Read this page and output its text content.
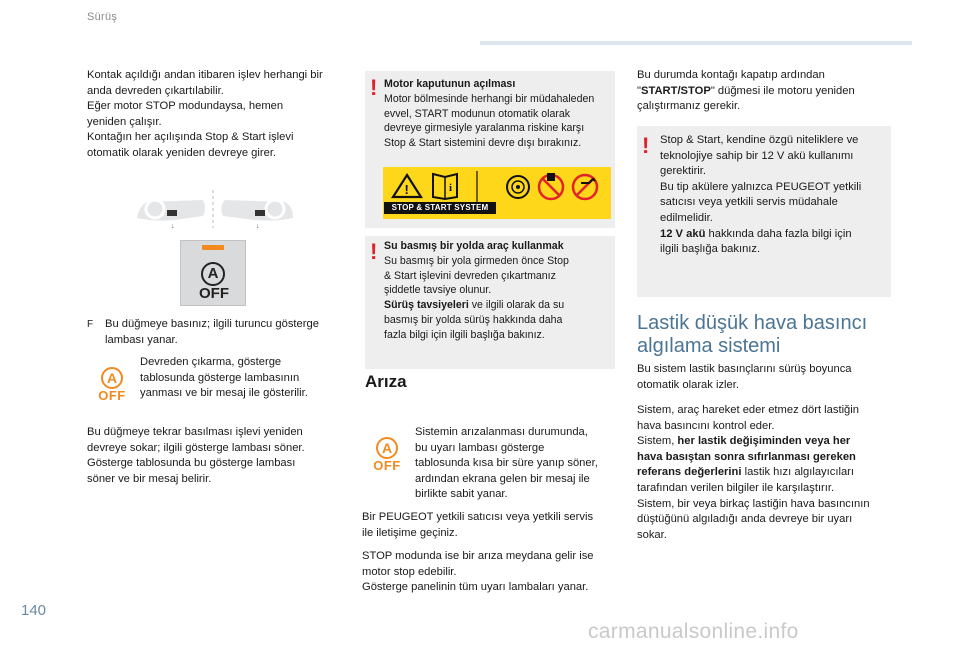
Sürüş
Kontak açıldığı andan itibaren işlev herhangi bir
anda devreden çıkartılabilir.
Eğer motor STOP modundaysa, hemen
yeniden çalışır.
Kontağın her açılışında Stop & Start işlevi
otomatik olarak yeniden devreye girer.
↓	↓
A
OFF
F Bu düğmeye basınız; ilgili turuncu gösterge
lambası yanar.
A
OFF
Devreden çıkarma, gösterge
tablosunda gösterge lambasının
yanması ve bir mesaj ile gösterilir.
Bu düğmeye tekrar basılması işlevi yeniden
devreye sokar; ilgili gösterge lambası söner.
Gösterge tablosunda bu gösterge lambası
söner ve bir mesaj belirir.
! Motor kaputunun açılması
Motor bölmesinde herhangi bir müdahaleden
evvel, START modunun otomatik olarak
devreye girmesiyle yaralanma riskine karşı
Stop & Start sistemini devre dışı bırakınız.
!	i
STOP & START SYSTEM
! Su basmış bir yolda araç kullanmak
Su basmış bir yola girmeden önce Stop
& Start işlevini devreden çıkartmanız
şiddetle tavsiye olunur.
Sürüş tavsiyeleri ve ilgili olarak da su
basmış bir yolda sürüş hakkında daha
fazla bilgi için ilgili başlığa bakınız.
Arıza
A
OFF
Sistemin arızalanması durumunda,
bu uyarı lambası gösterge
tablosunda kısa bir süre yanıp söner,
ardından ekrana gelen bir mesaj ile
birlikte sabit yanar.
Bir PEUGEOT yetkili satıcısı veya yetkili servis
ile iletişime geçiniz.
STOP modunda ise bir arıza meydana gelir ise
motor stop edebilir.
Gösterge panelinin tüm uyarı lambaları yanar.
Bu durumda kontağı kapatıp ardından
"START/STOP" düğmesi ile motoru yeniden
çalıştırmanız gerekir.
! Stop & Start, kendine özgü niteliklere ve
teknolojiye sahip bir 12 V akü kullanımı
gerektirir.
Bu tip akülere yalnızca PEUGEOT yetkili
satıcısı veya yetkili servis müdahale
edilmelidir.
12 V akü hakkında daha fazla bilgi için
ilgili başlığa bakınız.
Lastik düşük hava basıncı
algılama sistemi
Bu sistem lastik basınçlarını sürüş boyunca
otomatik olarak izler.
Sistem, araç hareket eder etmez dört lastiğin
hava basıncını kontrol eder.
Sistem, her lastik değişiminden veya her
hava basıştan sonra sıfırlanması gereken
referans değerlerini lastik hızı algılayıcıları
tarafından verilen bilgiler ile karşılaştırır.
Sistem, bir veya birkaç lastiğin hava basıncının
düştüğünü algıladığı anda devreye bir uyarı
sokar.
140
carmanualsonline.info
